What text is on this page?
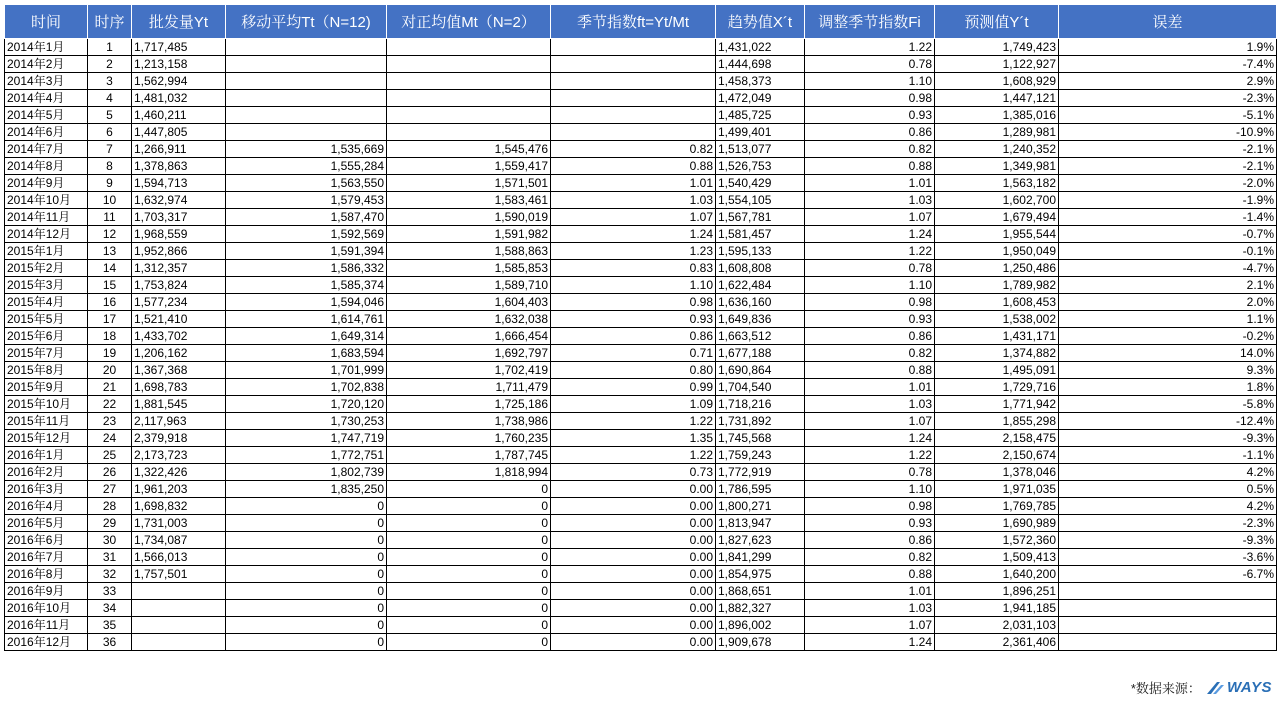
时间	时序	批发量Yt	移动平均Tt（N=12)	对正均值Mt（N=2）	季节指数ft=Yt/Mt	趋势值X´t	调整季节指数Fi	预测值Y´t	误差
2014年1月	1	1,717,485				1,431,022	1.22	1,749,423	1.9%
2014年2月	2	1,213,158				1,444,698	0.78	1,122,927	-7.4%
2014年3月	3	1,562,994				1,458,373	1.10	1,608,929	2.9%
2014年4月	4	1,481,032				1,472,049	0.98	1,447,121	-2.3%
2014年5月	5	1,460,211				1,485,725	0.93	1,385,016	-5.1%
2014年6月	6	1,447,805				1,499,401	0.86	1,289,981	-10.9%
2014年7月	7	1,266,911	1,535,669	1,545,476	0.82	1,513,077	0.82	1,240,352	-2.1%
2014年8月	8	1,378,863	1,555,284	1,559,417	0.88	1,526,753	0.88	1,349,981	-2.1%
2014年9月	9	1,594,713	1,563,550	1,571,501	1.01	1,540,429	1.01	1,563,182	-2.0%
2014年10月	10	1,632,974	1,579,453	1,583,461	1.03	1,554,105	1.03	1,602,700	-1.9%
2014年11月	11	1,703,317	1,587,470	1,590,019	1.07	1,567,781	1.07	1,679,494	-1.4%
2014年12月	12	1,968,559	1,592,569	1,591,982	1.24	1,581,457	1.24	1,955,544	-0.7%
2015年1月	13	1,952,866	1,591,394	1,588,863	1.23	1,595,133	1.22	1,950,049	-0.1%
2015年2月	14	1,312,357	1,586,332	1,585,853	0.83	1,608,808	0.78	1,250,486	-4.7%
2015年3月	15	1,753,824	1,585,374	1,589,710	1.10	1,622,484	1.10	1,789,982	2.1%
2015年4月	16	1,577,234	1,594,046	1,604,403	0.98	1,636,160	0.98	1,608,453	2.0%
2015年5月	17	1,521,410	1,614,761	1,632,038	0.93	1,649,836	0.93	1,538,002	1.1%
2015年6月	18	1,433,702	1,649,314	1,666,454	0.86	1,663,512	0.86	1,431,171	-0.2%
2015年7月	19	1,206,162	1,683,594	1,692,797	0.71	1,677,188	0.82	1,374,882	14.0%
2015年8月	20	1,367,368	1,701,999	1,702,419	0.80	1,690,864	0.88	1,495,091	9.3%
2015年9月	21	1,698,783	1,702,838	1,711,479	0.99	1,704,540	1.01	1,729,716	1.8%
2015年10月	22	1,881,545	1,720,120	1,725,186	1.09	1,718,216	1.03	1,771,942	-5.8%
2015年11月	23	2,117,963	1,730,253	1,738,986	1.22	1,731,892	1.07	1,855,298	-12.4%
2015年12月	24	2,379,918	1,747,719	1,760,235	1.35	1,745,568	1.24	2,158,475	-9.3%
2016年1月	25	2,173,723	1,772,751	1,787,745	1.22	1,759,243	1.22	2,150,674	-1.1%
2016年2月	26	1,322,426	1,802,739	1,818,994	0.73	1,772,919	0.78	1,378,046	4.2%
2016年3月	27	1,961,203	1,835,250	0	0.00	1,786,595	1.10	1,971,035	0.5%
2016年4月	28	1,698,832	0	0	0.00	1,800,271	0.98	1,769,785	4.2%
2016年5月	29	1,731,003	0	0	0.00	1,813,947	0.93	1,690,989	-2.3%
2016年6月	30	1,734,087	0	0	0.00	1,827,623	0.86	1,572,360	-9.3%
2016年7月	31	1,566,013	0	0	0.00	1,841,299	0.82	1,509,413	-3.6%
2016年8月	32	1,757,501	0	0	0.00	1,854,975	0.88	1,640,200	-6.7%
2016年9月	33		0	0	0.00	1,868,651	1.01	1,896,251	
2016年10月	34		0	0	0.00	1,882,327	1.03	1,941,185	
2016年11月	35		0	0	0.00	1,896,002	1.07	2,031,103	
2016年12月	36		0	0	0.00	1,909,678	1.24	2,361,406	
*数据来源： WAYS
